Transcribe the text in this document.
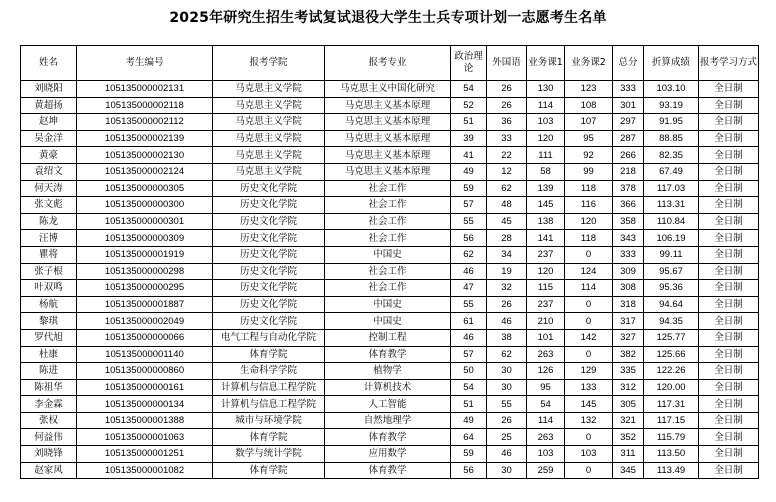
2025年研究生招生考试复试退役大学生士兵专项计划一志愿考生名单
姓名	考生编号	报考学院	报考专业	政治理论	外国语	业务课1	业务课2	总分	折算成绩	报考学习方式
刘晓阳	105135000002131	马克思主义学院	马克思主义中国化研究	54	26	130	123	333	103.10	全日制
黄超扬	105135000002118	马克思主义学院	马克思主义基本原理	52	26	114	108	301	93.19	全日制
赵坤	105135000002112	马克思主义学院	马克思主义基本原理	51	36	103	107	297	91.95	全日制
吴金洋	105135000002139	马克思主义学院	马克思主义基本原理	39	33	120	95	287	88.85	全日制
黄豪	105135000002130	马克思主义学院	马克思主义基本原理	41	22	111	92	266	82.35	全日制
袁绍文	105135000002124	马克思主义学院	马克思主义基本原理	49	12	58	99	218	67.49	全日制
何天涛	105135000000305	历史文化学院	社会工作	59	62	139	118	378	117.03	全日制
张文彪	105135000000300	历史文化学院	社会工作	57	48	145	116	366	113.31	全日制
陈龙	105135000000301	历史文化学院	社会工作	55	45	138	120	358	110.84	全日制
汪博	105135000000309	历史文化学院	社会工作	56	28	141	118	343	106.19	全日制
瞿将	105135000001919	历史文化学院	中国史	62	34	237	0	333	99.11	全日制
张子根	105135000000298	历史文化学院	社会工作	46	19	120	124	309	95.67	全日制
叶双鸣	105135000000295	历史文化学院	社会工作	47	32	115	114	308	95.36	全日制
杨航	105135000001887	历史文化学院	中国史	55	26	237	0	318	94.64	全日制
黎琪	105135000002049	历史文化学院	中国史	61	46	210	0	317	94.35	全日制
罗代旭	105135000000066	电气工程与自动化学院	控制工程	46	38	101	142	327	125.77	全日制
杜康	105135000001140	体育学院	体育教学	57	62	263	0	382	125.66	全日制
陈进	105135000000860	生命科学学院	植物学	50	30	126	129	335	122.26	全日制
陈祖华	105135000000161	计算机与信息工程学院	计算机技术	54	30	95	133	312	120.00	全日制
李金霖	105135000000134	计算机与信息工程学院	人工智能	51	55	54	145	305	117.31	全日制
张权	105135000001388	城市与环境学院	自然地理学	49	26	114	132	321	117.15	全日制
何益伟	105135000001063	体育学院	体育教学	64	25	263	0	352	115.79	全日制
刘晓锋	105135000001251	数学与统计学院	应用数学	59	46	103	103	311	113.50	全日制
赵家风	105135000001082	体育学院	体育教学	56	30	259	0	345	113.49	全日制
